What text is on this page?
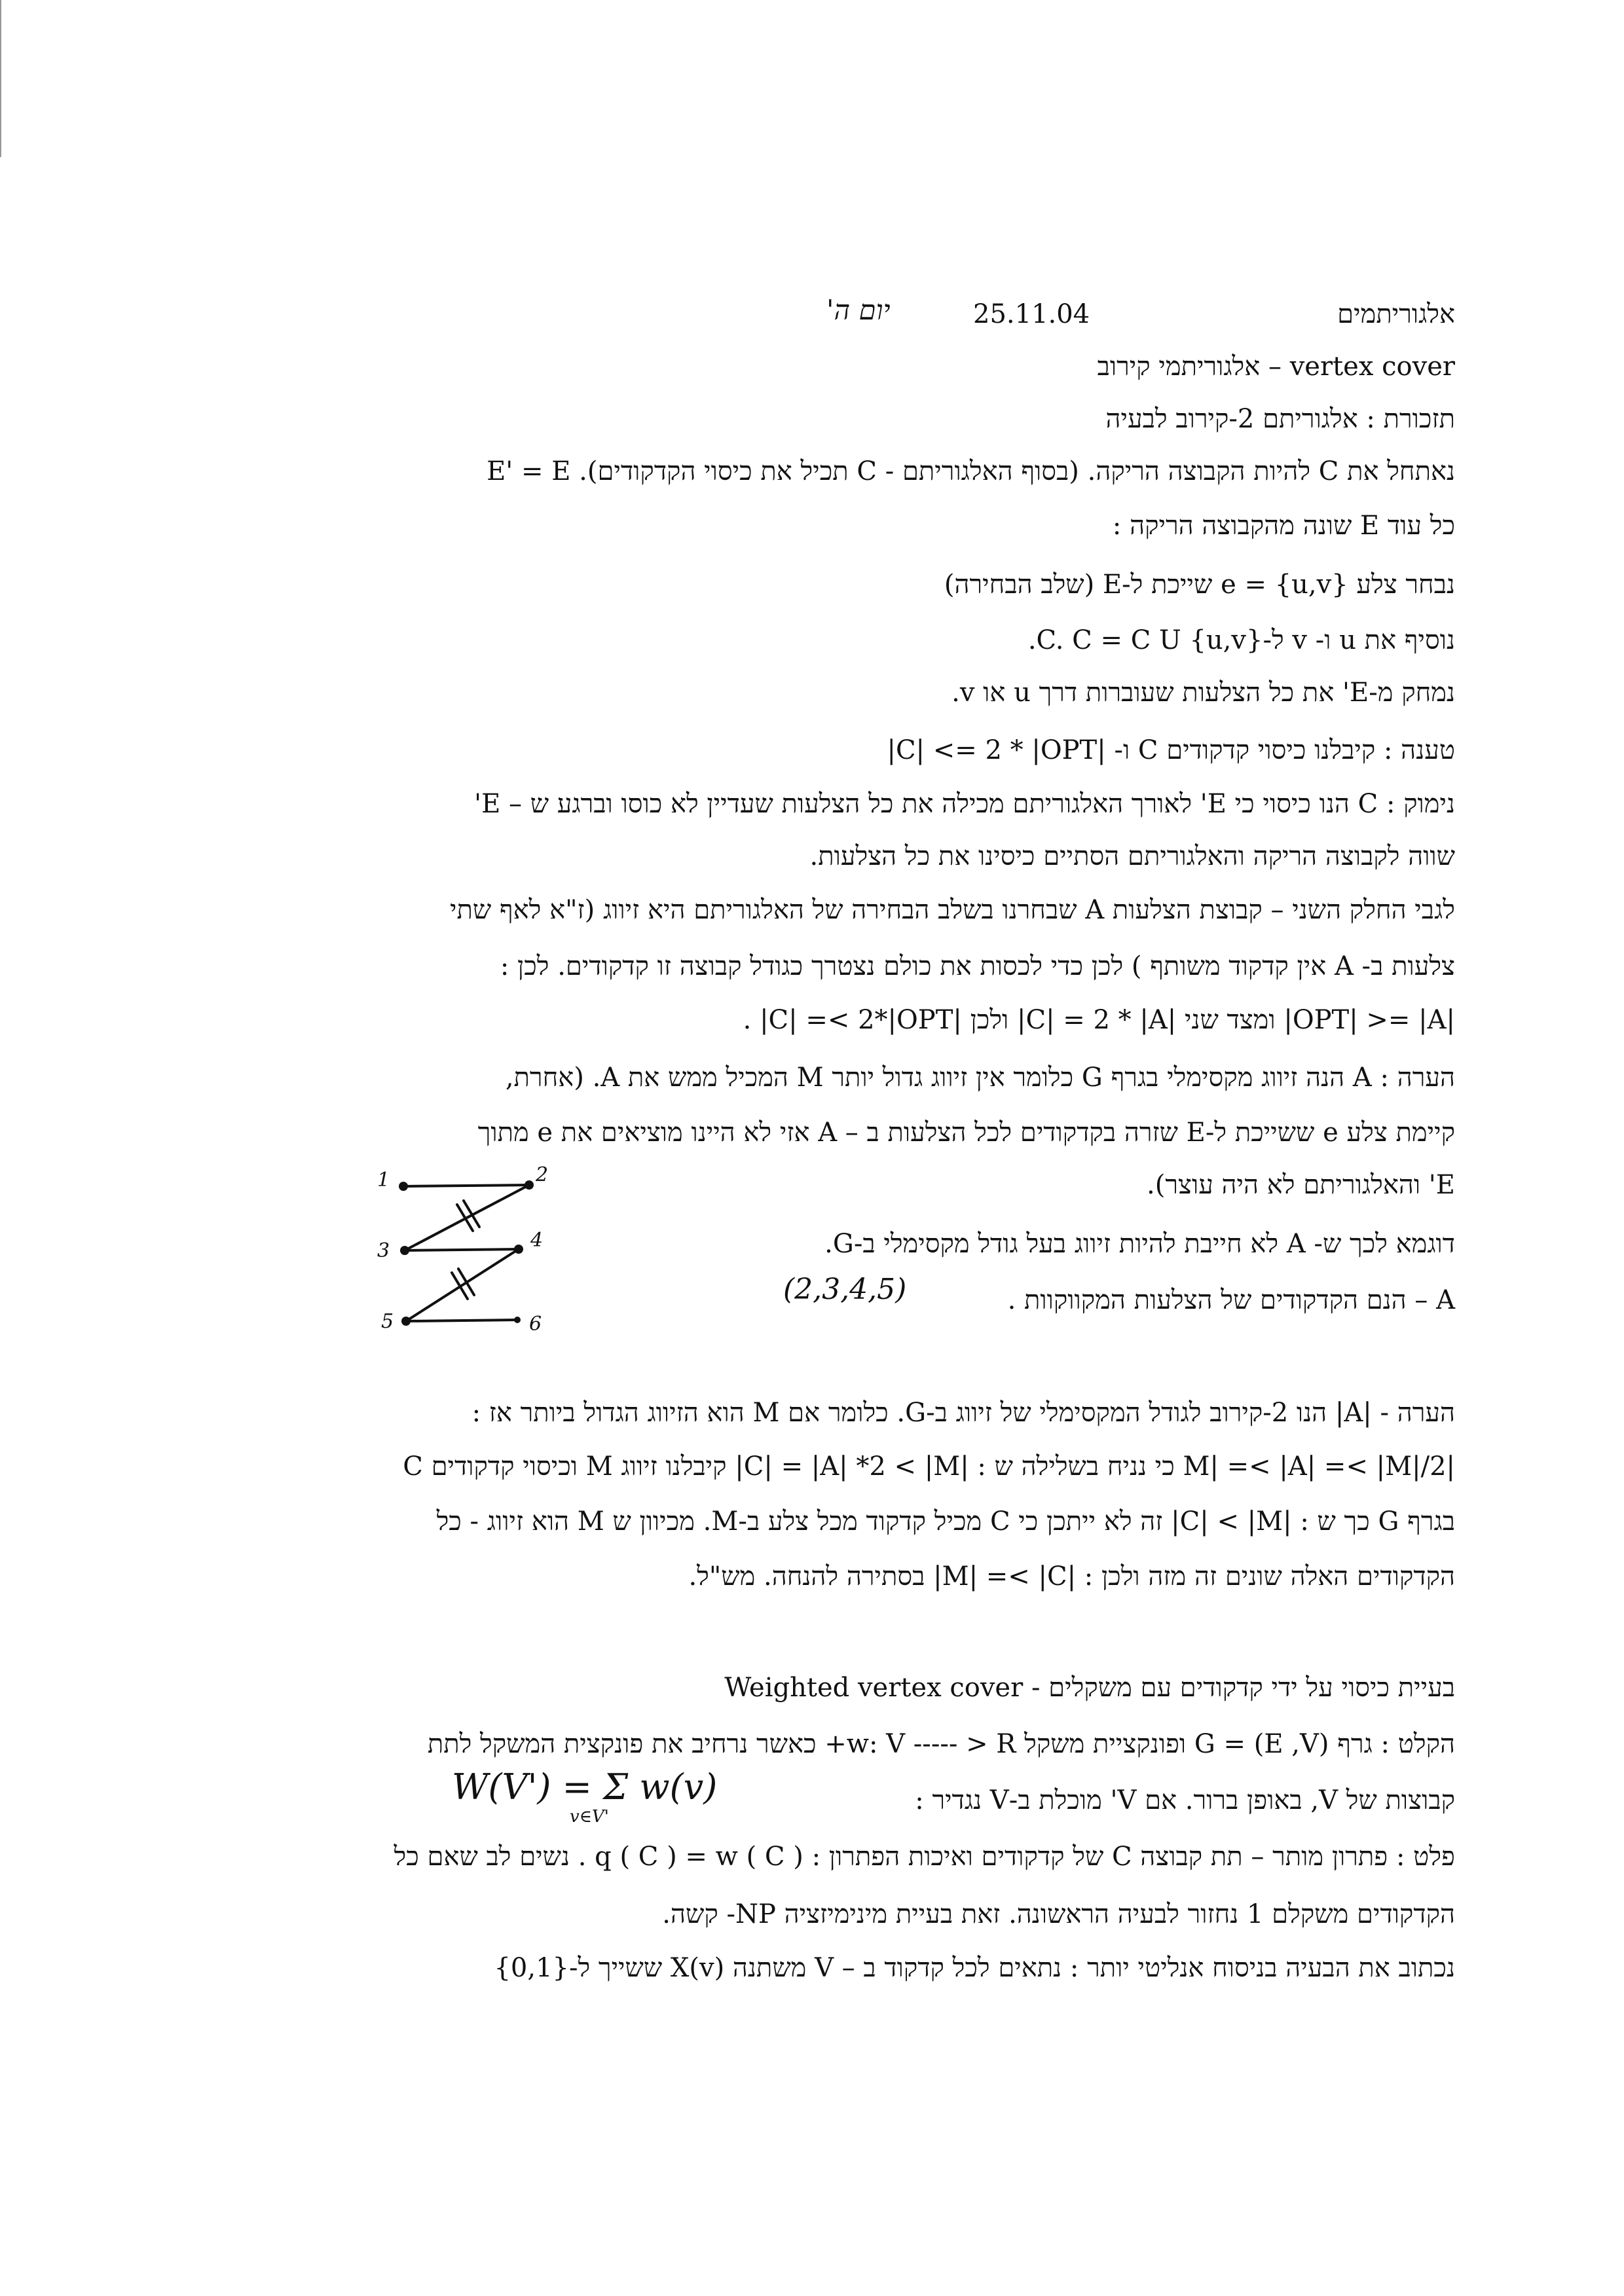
אלגוריתמים
25.11.04
יום ה'
vertex cover – אלגוריתמי קירוב
תזכורת : אלגוריתם 2-קירוב לבעיה
נאתחל את C להיות הקבוצה הריקה. (בסוף האלגוריתם - C תכיל את כיסוי הקדקודים). E' = E
כל עוד E שונה מהקבוצה הריקה :
נבחר צלע e = {u,v} שייכת ל-E (שלב הבחירה)
נוסיף את u ו- v ל-C. C = C U {u,v}.
נמחק מ-E' את כל הצלעות שעוברות דרך u או v.
טענה : קיבלנו כיסוי קדקודים C ו- |C| <= 2 * |OPT|
נימוק : C הנו כיסוי כי E' לאורך האלגוריתם מכילה את כל הצלעות שעדיין לא כוסו וברגע ש – E'
שווה לקבוצה הריקה והאלגוריתם הסתיים כיסינו את כל הצלעות.
לגבי החלק השני – קבוצת הצלעות A שבחרנו בשלב הבחירה של האלגוריתם היא זיווג (ז"א לאף שתי
צלעות ב- A אין קדקוד משותף ) לכן כדי לכסות את כולם נצטרך כגודל קבוצה זו קדקודים. לכן :
|OPT| >= |A| ומצד שני |C| = 2 * |A| ולכן |C| =< 2*|OPT| .
הערה : A הנה זיווג מקסימלי בגרף G כלומר אין זיווג גדול יותר M המכיל ממש את A. (אחרת,
קיימת צלע e ששייכת ל-E שזרה בקדקודים לכל הצלעות ב – A אזי לא היינו מוציאים את e מתוך
E' והאלגוריתם לא היה עוצר).
דוגמא לכך ש- A לא חייבת להיות זיווג בעל גודל מקסימלי ב-G.
A – הנם הקדקודים של הצלעות המקווקוות .
(2,3,4,5)
1	2
3	4
5	6
הערה - |A| הנו 2-קירוב לגודל המקסימלי של זיווג ב-G. כלומר אם M הוא הזיווג הגדול ביותר אז :
|M| =< |A| =< |M|/2 כי נניח בשלילה ש : |C| = |A| *2 < |M| קיבלנו זיווג M וכיסוי קדקודים C
בגרף G כך ש : |C| < |M| זה לא ייתכן כי C מכיל קדקוד מכל צלע ב-M. מכיוון ש M הוא זיווג - כל
הקדקודים האלה שונים זה מזה ולכן : |M| =< |C| בסתירה להנחה. מש"ל.
בעיית כיסוי על ידי קדקודים עם משקלים - Weighted vertex cover
הקלט : גרף G = (E ,V) ופונקציית משקל w: V ----- > R+ כאשר נרחיב את פונקצית המשקל לתת
קבוצות של V, באופן ברור. אם V' מוכלת ב-V נגדיר :
W(V') = Σ w(v)
v∈V'
פלט : פתרון מותר – תת קבוצה C של קדקודים ואיכות הפתרון : q ( C ) = w ( C ) . נשים לב שאם כל
הקדקודים משקלם 1 נחזור לבעיה הראשונה. זאת בעיית מינימיזציה NP- קשה.
נכתוב את הבעיה בניסוח אנליטי יותר : נתאים לכל קדקוד ב – V משתנה X(v) ששייך ל-{0,1}
